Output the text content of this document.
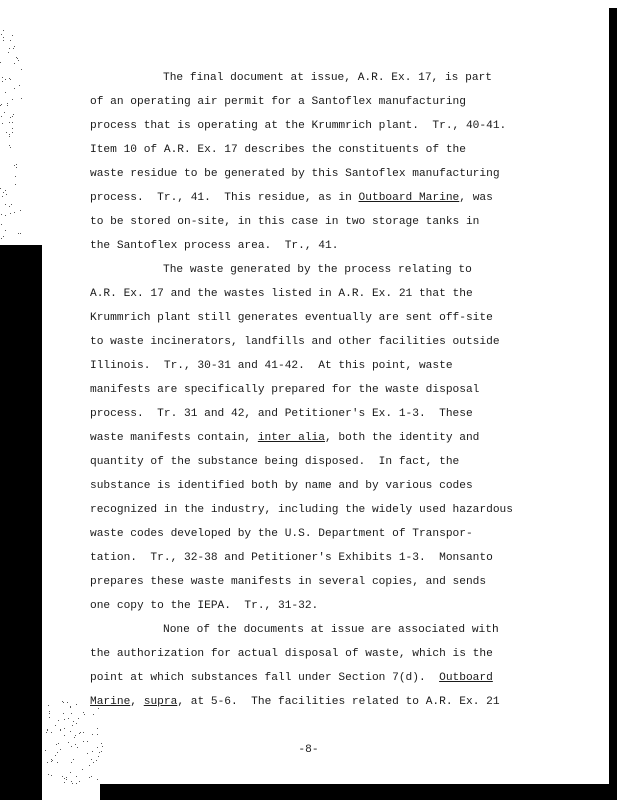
The final document at issue, A.R. Ex. 17, is part
of an operating air permit for a Santoflex manufacturing
process that is operating at the Krummrich plant.  Tr., 40-41.
Item 10 of A.R. Ex. 17 describes the constituents of the
waste residue to be generated by this Santoflex manufacturing
process.  Tr., 41.  This residue, as in Outboard Marine, was
to be stored on-site, in this case in two storage tanks in
the Santoflex process area.  Tr., 41.
The waste generated by the process relating to
A.R. Ex. 17 and the wastes listed in A.R. Ex. 21 that the
Krummrich plant still generates eventually are sent off-site
to waste incinerators, landfills and other facilities outside
Illinois.  Tr., 30-31 and 41-42.  At this point, waste
manifests are specifically prepared for the waste disposal
process.  Tr. 31 and 42, and Petitioner's Ex. 1-3.  These
waste manifests contain, inter alia, both the identity and
quantity of the substance being disposed.  In fact, the
substance is identified both by name and by various codes
recognized in the industry, including the widely used hazardous
waste codes developed by the U.S. Department of Transpor-
tation.  Tr., 32-38 and Petitioner's Exhibits 1-3.  Monsanto
prepares these waste manifests in several copies, and sends
one copy to the IEPA.  Tr., 31-32.
None of the documents at issue are associated with
the authorization for actual disposal of waste, which is the
point at which substances fall under Section 7(d).  Outboard
Marine, supra, at 5-6.  The facilities related to A.R. Ex. 21
-8-
